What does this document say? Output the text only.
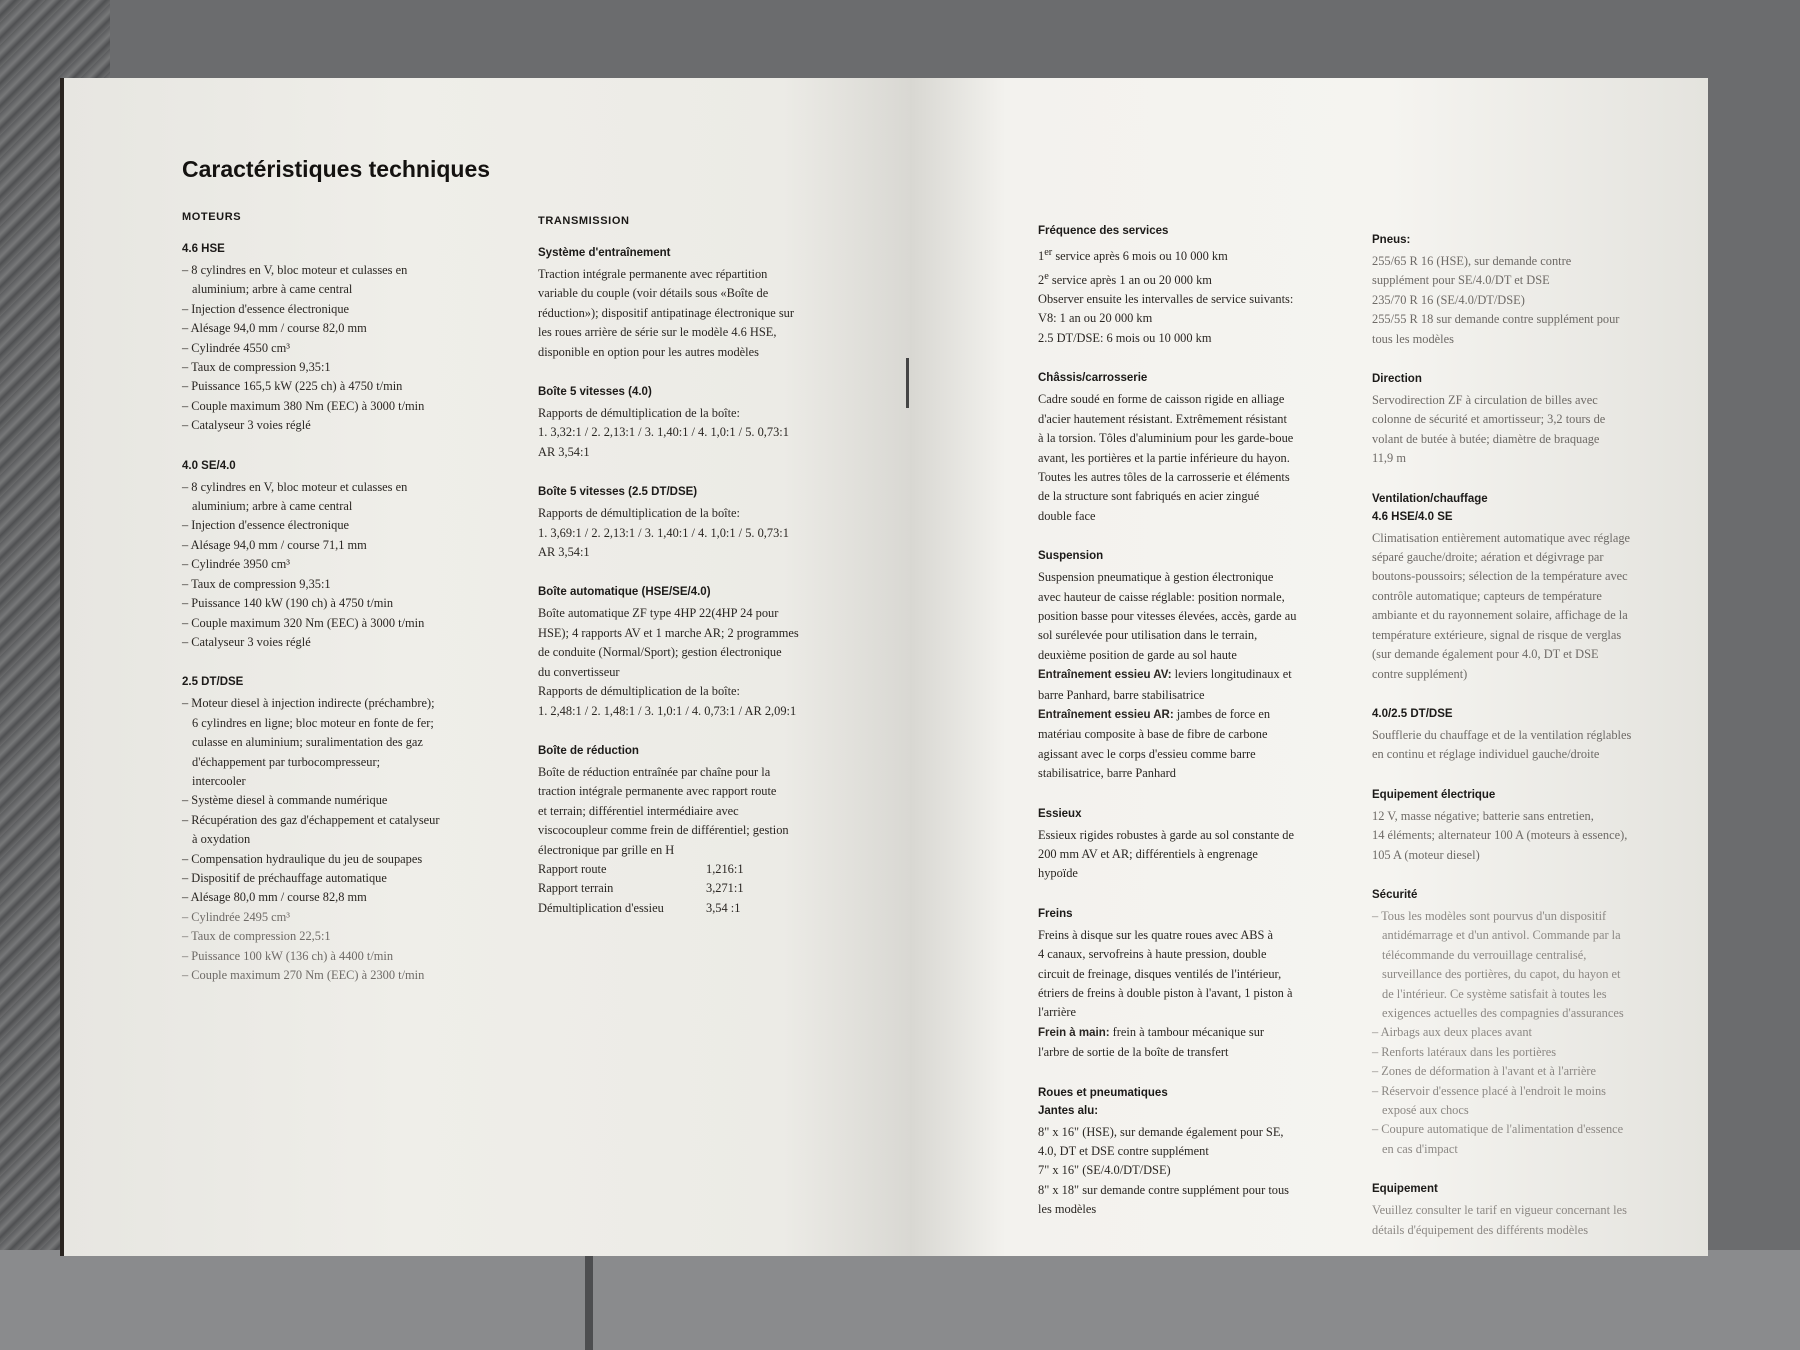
Caractéristiques techniques
MOTEURS
4.6 HSE

– 8 cylindres en V, bloc moteur et culasses en

aluminium; arbre à came central

– Injection d'essence électronique

– Alésage 94,0 mm / course 82,0 mm

– Cylindrée 4550 cm³

– Taux de compression 9,35:1

– Puissance 165,5 kW (225 ch) à 4750 t/min

– Couple maximum 380 Nm (EEC) à 3000 t/min

– Catalyseur 3 voies réglé

4.0 SE/4.0

– 8 cylindres en V, bloc moteur et culasses en

aluminium; arbre à came central

– Injection d'essence électronique

– Alésage 94,0 mm / course 71,1 mm

– Cylindrée 3950 cm³

– Taux de compression 9,35:1

– Puissance 140 kW (190 ch) à 4750 t/min

– Couple maximum 320 Nm (EEC) à 3000 t/min

– Catalyseur 3 voies réglé

2.5 DT/DSE

– Moteur diesel à injection indirecte (préchambre);

6 cylindres en ligne; bloc moteur en fonte de fer;

culasse en aluminium; suralimentation des gaz

d'échappement par turbocompresseur;

intercooler

– Système diesel à commande numérique

– Récupération des gaz d'échappement et catalyseur

à oxydation

– Compensation hydraulique du jeu de soupapes

– Dispositif de préchauffage automatique

– Alésage 80,0 mm / course 82,8 mm

– Cylindrée 2495 cm³

– Taux de compression 22,5:1

– Puissance 100 kW (136 ch) à 4400 t/min

– Couple maximum 270 Nm (EEC) à 2300 t/min

TRANSMISSION
Système d'entraînement

Traction intégrale permanente avec répartition

variable du couple (voir détails sous «Boîte de

réduction»); dispositif antipatinage électronique sur

les roues arrière de série sur le modèle 4.6 HSE,

disponible en option pour les autres modèles

Boîte 5 vitesses (4.0)

Rapports de démultiplication de la boîte:

1. 3,32:1 / 2. 2,13:1 / 3. 1,40:1 / 4. 1,0:1 / 5. 0,73:1

AR 3,54:1

Boîte 5 vitesses (2.5 DT/DSE)

Rapports de démultiplication de la boîte:

1. 3,69:1 / 2. 2,13:1 / 3. 1,40:1 / 4. 1,0:1 / 5. 0,73:1

AR 3,54:1

Boîte automatique (HSE/SE/4.0)

Boîte automatique ZF type 4HP 22(4HP 24 pour

HSE); 4 rapports AV et 1 marche AR; 2 programmes

de conduite (Normal/Sport); gestion électronique

du convertisseur

Rapports de démultiplication de la boîte:

1. 2,48:1 / 2. 1,48:1 / 3. 1,0:1 / 4. 0,73:1 / AR 2,09:1

Boîte de réduction

Boîte de réduction entraînée par chaîne pour la

traction intégrale permanente avec rapport route

et terrain; différentiel intermédiaire avec

viscocoupleur comme frein de différentiel; gestion

électronique par grille en H

Rapport route	1,216:1
Rapport terrain	3,271:1
Démultiplication d'essieu	3,54 :1
Fréquence des services

1er service après 6 mois ou 10 000 km

2e service après 1 an ou 20 000 km

Observer ensuite les intervalles de service suivants:

V8: 1 an ou 20 000 km

2.5 DT/DSE: 6 mois ou 10 000 km

Châssis/carrosserie

Cadre soudé en forme de caisson rigide en alliage

d'acier hautement résistant. Extrêmement résistant

à la torsion. Tôles d'aluminium pour les garde-boue

avant, les portières et la partie inférieure du hayon.

Toutes les autres tôles de la carrosserie et éléments

de la structure sont fabriqués en acier zingué

double face

Suspension

Suspension pneumatique à gestion électronique

avec hauteur de caisse réglable: position normale,

position basse pour vitesses élevées, accès, garde au

sol surélevée pour utilisation dans le terrain,

deuxième position de garde au sol haute

Entraînement essieu AV: leviers longitudinaux et

barre Panhard, barre stabilisatrice

Entraînement essieu AR: jambes de force en

matériau composite à base de fibre de carbone

agissant avec le corps d'essieu comme barre

stabilisatrice, barre Panhard

Essieux

Essieux rigides robustes à garde au sol constante de

200 mm AV et AR; différentiels à engrenage

hypoïde

Freins

Freins à disque sur les quatre roues avec ABS à

4 canaux, servofreins à haute pression, double

circuit de freinage, disques ventilés de l'intérieur,

étriers de freins à double piston à l'avant, 1 piston à

l'arrière

Frein à main: frein à tambour mécanique sur

l'arbre de sortie de la boîte de transfert

Roues et pneumatiques
Jantes alu:

8" x 16" (HSE), sur demande également pour SE,

4.0, DT et DSE contre supplément

7" x 16" (SE/4.0/DT/DSE)

8" x 18" sur demande contre supplément pour tous

les modèles

Pneus:

255/65 R 16 (HSE), sur demande contre

supplément pour SE/4.0/DT et DSE

235/70 R 16 (SE/4.0/DT/DSE)

255/55 R 18 sur demande contre supplément pour

tous les modèles

Direction

Servodirection ZF à circulation de billes avec

colonne de sécurité et amortisseur; 3,2 tours de

volant de butée à butée; diamètre de braquage

11,9 m

Ventilation/chauffage
4.6 HSE/4.0 SE

Climatisation entièrement automatique avec réglage

séparé gauche/droite; aération et dégivrage par

boutons-poussoirs; sélection de la température avec

contrôle automatique; capteurs de température

ambiante et du rayonnement solaire, affichage de la

température extérieure, signal de risque de verglas

(sur demande également pour 4.0, DT et DSE

contre supplément)

4.0/2.5 DT/DSE

Soufflerie du chauffage et de la ventilation réglables

en continu et réglage individuel gauche/droite

Equipement électrique

12 V, masse négative; batterie sans entretien,

14 éléments; alternateur 100 A (moteurs à essence),

105 A (moteur diesel)

Sécurité

– Tous les modèles sont pourvus d'un dispositif

antidémarrage et d'un antivol. Commande par la

télécommande du verrouillage centralisé,

surveillance des portières, du capot, du hayon et

de l'intérieur. Ce système satisfait à toutes les

exigences actuelles des compagnies d'assurances

– Airbags aux deux places avant

– Renforts latéraux dans les portières

– Zones de déformation à l'avant et à l'arrière

– Réservoir d'essence placé à l'endroit le moins

exposé aux chocs

– Coupure automatique de l'alimentation d'essence

en cas d'impact

Equipement

Veuillez consulter le tarif en vigueur concernant les

détails d'équipement des différents modèles
